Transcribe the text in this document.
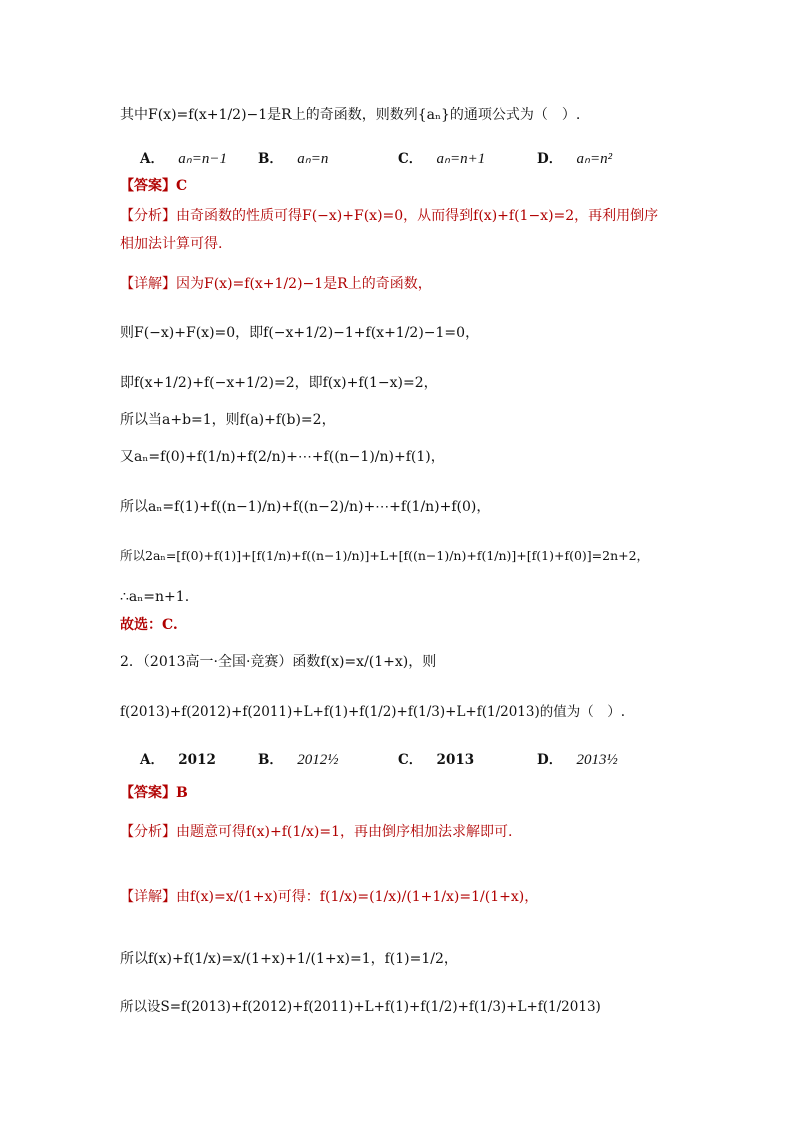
其中F(x)=f(x+1/2)−1是R上的奇函数，则数列{aₙ}的通项公式为（　）.
A． aₙ=n−1 B． aₙ=n	C． aₙ=n+1	D． aₙ=n²
【答案】C
【分析】由奇函数的性质可得F(−x)+F(x)=0，从而得到f(x)+f(1−x)=2，再利用倒序
相加法计算可得.
【详解】因为F(x)=f(x+1/2)−1是R上的奇函数，
则F(−x)+F(x)=0，即f(−x+1/2)−1+f(x+1/2)−1=0，
即f(x+1/2)+f(−x+1/2)=2，即f(x)+f(1−x)=2，
所以当a+b=1，则f(a)+f(b)=2，
又aₙ=f(0)+f(1/n)+f(2/n)+⋯+f((n−1)/n)+f(1)，
所以aₙ=f(1)+f((n−1)/n)+f((n−2)/n)+⋯+f(1/n)+f(0)，
所以2aₙ=[f(0)+f(1)]+[f(1/n)+f((n−1)/n)]+L+[f((n−1)/n)+f(1/n)]+[f(1)+f(0)]=2n+2，
∴aₙ=n+1.
故选：C.
2．（2013高一·全国·竞赛）函数f(x)=x/(1+x)，则
f(2013)+f(2012)+f(2011)+L+f(1)+f(1/2)+f(1/3)+L+f(1/2013)的值为（　）.
A． 2012	B． 2012½	C． 2013	D． 2013½
【答案】B
【分析】由题意可得f(x)+f(1/x)=1，再由倒序相加法求解即可.
【详解】由f(x)=x/(1+x)可得：f(1/x)=(1/x)/(1+1/x)=1/(1+x)，
所以f(x)+f(1/x)=x/(1+x)+1/(1+x)=1，f(1)=1/2，
所以设S=f(2013)+f(2012)+f(2011)+L+f(1)+f(1/2)+f(1/3)+L+f(1/2013)
